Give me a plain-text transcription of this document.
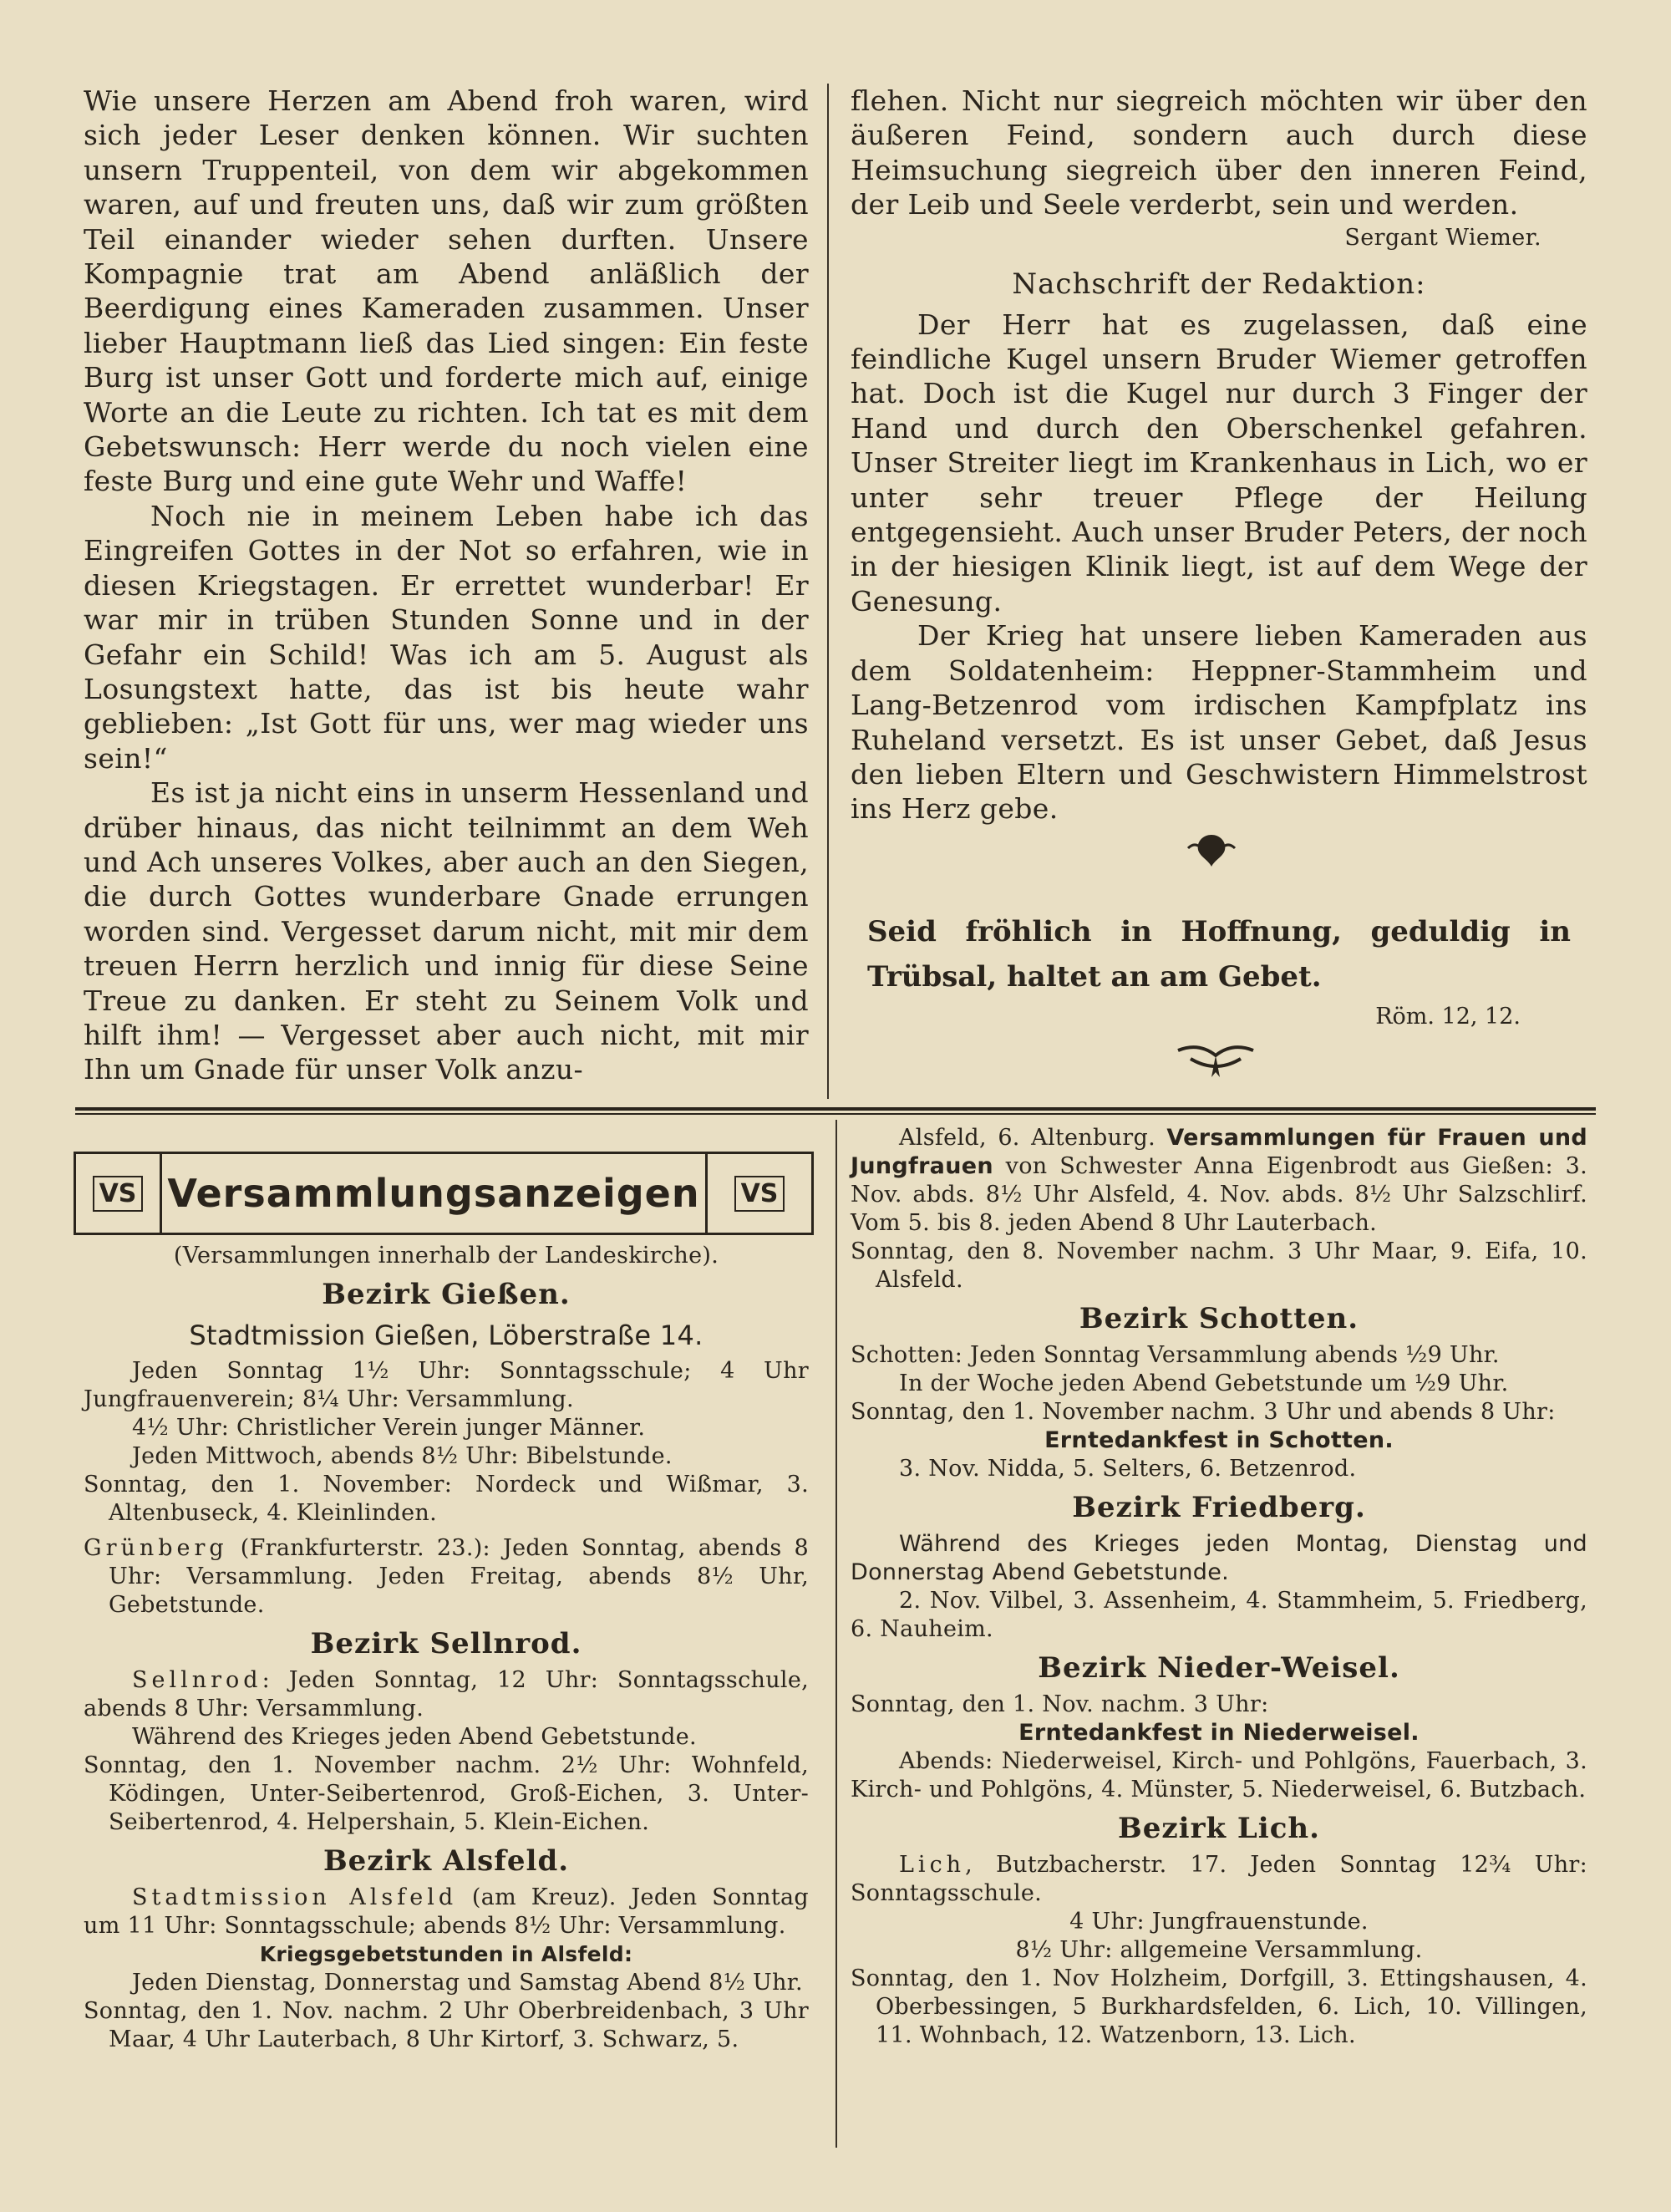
Wie unsere Herzen am Abend froh waren, wird sich jeder Leser denken können. Wir suchten unsern Truppenteil, von dem wir abgekommen waren, auf und freuten uns, daß wir zum größten Teil einander wieder sehen durften. Unsere Kompagnie trat am Abend anläßlich der Beerdigung eines Kameraden zusammen. Unser lieber Hauptmann ließ das Lied singen: Ein feste Burg ist unser Gott und forderte mich auf, einige Worte an die Leute zu richten. Ich tat es mit dem Gebetswunsch: Herr werde du noch vielen eine feste Burg und eine gute Wehr und Waffe!

Noch nie in meinem Leben habe ich das Eingreifen Gottes in der Not so erfahren, wie in diesen Kriegstagen. Er errettet wunderbar! Er war mir in trüben Stunden Sonne und in der Gefahr ein Schild! Was ich am 5. August als Losungstext hatte, das ist bis heute wahr geblieben: „Ist Gott für uns, wer mag wieder uns sein!“

Es ist ja nicht eins in unserm Hessenland und drüber hinaus, das nicht teilnimmt an dem Weh und Ach unseres Volkes, aber auch an den Siegen, die durch Gottes wunderbare Gnade errungen worden sind. Vergesset darum nicht, mit mir dem treuen Herrn herzlich und innig für diese Seine Treue zu danken. Er steht zu Seinem Volk und hilft ihm! — Vergesset aber auch nicht, mit mir Ihn um Gnade für unser Volk anzu-

flehen. Nicht nur siegreich möchten wir über den äußeren Feind, sondern auch durch diese Heimsuchung siegreich über den inneren Feind, der Leib und Seele verderbt, sein und werden.

Sergant Wiemer.
Nachschrift der Redaktion:

Der Herr hat es zugelassen, daß eine feindliche Kugel unsern Bruder Wiemer getroffen hat. Doch ist die Kugel nur durch 3 Finger der Hand und durch den Oberschenkel gefahren. Unser Streiter liegt im Krankenhaus in Lich, wo er unter sehr treuer Pflege der Heilung entgegensieht. Auch unser Bruder Peters, der noch in der hiesigen Klinik liegt, ist auf dem Wege der Genesung.

Der Krieg hat unsere lieben Kameraden aus dem Soldatenheim: Heppner-Stammheim und Lang-Betzenrod vom irdischen Kampfplatz ins Ruheland versetzt. Es ist unser Gebet, daß Jesus den lieben Eltern und Geschwistern Himmelstrost ins Herz gebe.

Seid fröhlich in Hoffnung, geduldig in Trübsal, haltet an am Gebet.
Röm. 12, 12.
VS Versammlungsanzeigen VS
(Versammlungen innerhalb der Landeskirche).
Bezirk Gießen.
Stadtmission Gießen, Löberstraße 14.

Jeden Sonntag 1½ Uhr: Sonntagsschule; 4 Uhr Jungfrauenverein; 8¼ Uhr: Versammlung.

4½ Uhr: Christlicher Verein junger Männer.

Jeden Mittwoch, abends 8½ Uhr: Bibelstunde.

Sonntag, den 1. November: Nordeck und Wißmar, 3. Altenbuseck, 4. Kleinlinden.

Grünberg (Frankfurterstr. 23.): Jeden Sonntag, abends 8 Uhr: Versammlung. Jeden Freitag, abends 8½ Uhr, Gebetstunde.

Bezirk Sellnrod.

Sellnrod: Jeden Sonntag, 12 Uhr: Sonntagsschule, abends 8 Uhr: Versammlung.

Während des Krieges jeden Abend Gebetstunde.

Sonntag, den 1. November nachm. 2½ Uhr: Wohnfeld, Ködingen, Unter-Seibertenrod, Groß-Eichen, 3. Unter-Seibertenrod, 4. Helpershain, 5. Klein-Eichen.

Bezirk Alsfeld.

Stadtmission Alsfeld (am Kreuz). Jeden Sonntag um 11 Uhr: Sonntagsschule; abends 8½ Uhr: Versammlung.

Kriegsgebetstunden in Alsfeld:

Jeden Dienstag, Donnerstag und Samstag Abend 8½ Uhr.

Sonntag, den 1. Nov. nachm. 2 Uhr Oberbreidenbach, 3 Uhr Maar, 4 Uhr Lauterbach, 8 Uhr Kirtorf, 3. Schwarz, 5.

Alsfeld, 6. Altenburg. Versammlungen für Frauen und Jungfrauen von Schwester Anna Eigenbrodt aus Gießen: 3. Nov. abds. 8½ Uhr Alsfeld, 4. Nov. abds. 8½ Uhr Salzschlirf. Vom 5. bis 8. jeden Abend 8 Uhr Lauterbach.

Sonntag, den 8. November nachm. 3 Uhr Maar, 9. Eifa, 10. Alsfeld.

Bezirk Schotten.

Schotten: Jeden Sonntag Versammlung abends ½9 Uhr.

In der Woche jeden Abend Gebetstunde um ½9 Uhr.

Sonntag, den 1. November nachm. 3 Uhr und abends 8 Uhr:

Erntedankfest in Schotten.

3. Nov. Nidda, 5. Selters, 6. Betzenrod.

Bezirk Friedberg.

Während des Krieges jeden Montag, Dienstag und Donnerstag Abend Gebetstunde.

2. Nov. Vilbel, 3. Assenheim, 4. Stammheim, 5. Friedberg, 6. Nauheim.

Bezirk Nieder-Weisel.

Sonntag, den 1. Nov. nachm. 3 Uhr:

Erntedankfest in Niederweisel.

Abends: Niederweisel, Kirch- und Pohlgöns, Fauerbach, 3. Kirch- und Pohlgöns, 4. Münster, 5. Niederweisel, 6. Butzbach.

Bezirk Lich.

Lich, Butzbacherstr. 17. Jeden Sonntag 12¾ Uhr: Sonntagsschule.

4 Uhr: Jungfrauenstunde.
8½ Uhr: allgemeine Versammlung.

Sonntag, den 1. Nov Holzheim, Dorfgill, 3. Ettingshausen, 4. Oberbessingen, 5 Burkhardsfelden, 6. Lich, 10. Villingen, 11. Wohnbach, 12. Watzenborn, 13. Lich.
